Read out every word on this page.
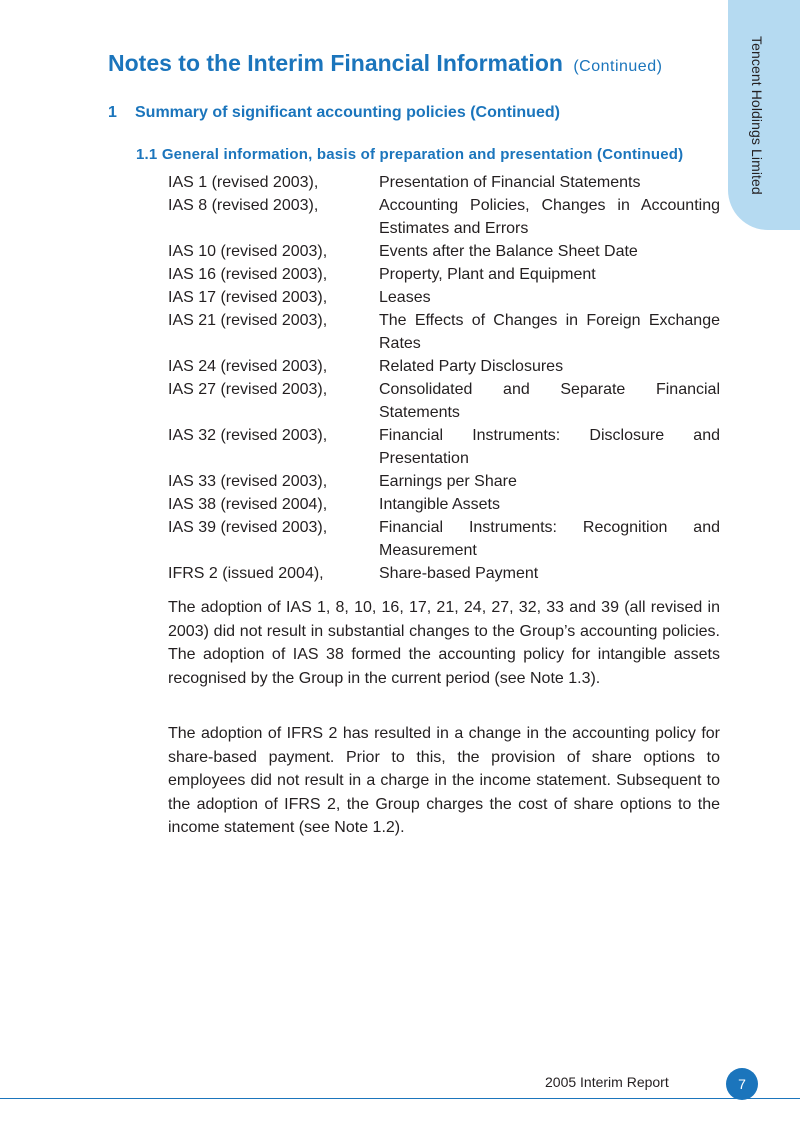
Tencent Holdings Limited
Notes to the Interim Financial Information (Continued)
1 Summary of significant accounting policies (Continued)
1.1 General information, basis of preparation and presentation (Continued)
IAS 1 (revised 2003),	Presentation of Financial Statements
IAS 8 (revised 2003),	Accounting Policies, Changes in Accounting Estimates and Errors
IAS 10 (revised 2003),	Events after the Balance Sheet Date
IAS 16 (revised 2003),	Property, Plant and Equipment
IAS 17 (revised 2003),	Leases
IAS 21 (revised 2003),	The Effects of Changes in Foreign Exchange Rates
IAS 24 (revised 2003),	Related Party Disclosures
IAS 27 (revised 2003),	Consolidated and Separate Financial Statements
IAS 32 (revised 2003),	Financial Instruments: Disclosure and Presentation
IAS 33 (revised 2003),	Earnings per Share
IAS 38 (revised 2004),	Intangible Assets
IAS 39 (revised 2003),	Financial Instruments: Recognition and Measurement
IFRS 2 (issued 2004),	Share-based Payment

The adoption of IAS 1, 8, 10, 16, 17, 21, 24, 27, 32, 33 and 39 (all revised in 2003) did not result in substantial changes to the Group’s accounting policies. The adoption of IAS 38 formed the accounting policy for intangible assets recognised by the Group in the current period (see Note 1.3).

The adoption of IFRS 2 has resulted in a change in the accounting policy for share-based payment. Prior to this, the provision of share options to employees did not result in a charge in the income statement. Subsequent to the adoption of IFRS 2, the Group charges the cost of share options to the income statement (see Note 1.2).

2005 Interim Report	7
